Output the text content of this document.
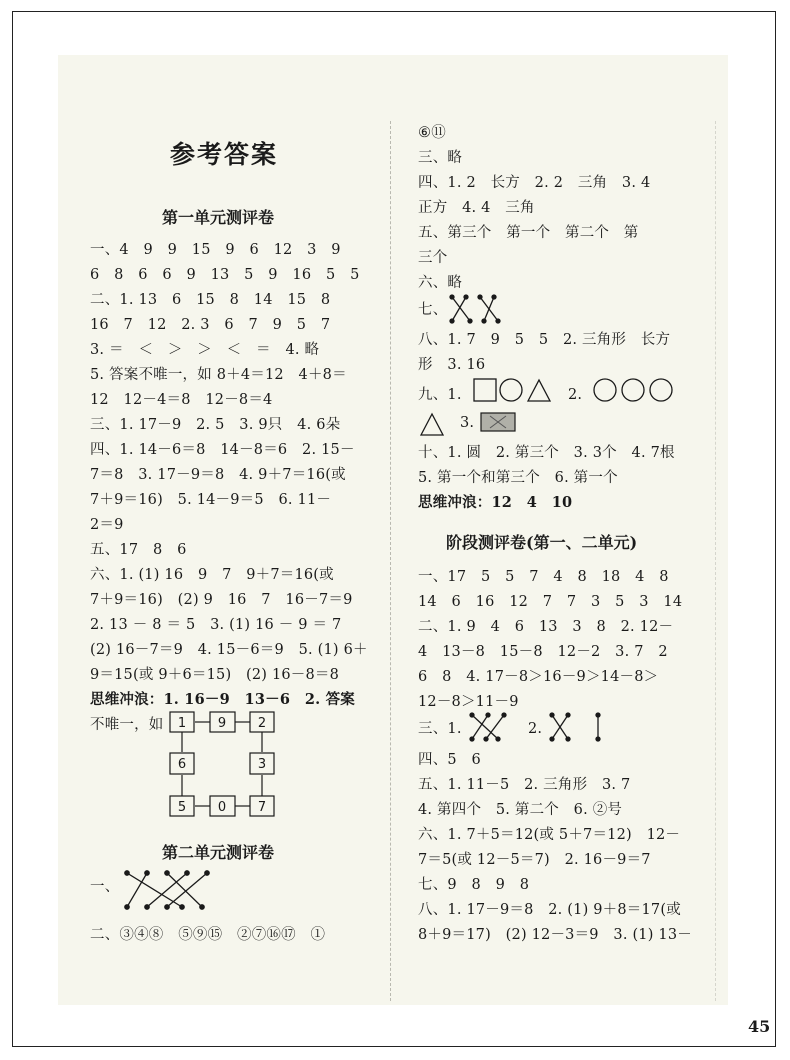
参考答案
第一单元测评卷
一、4　9　9　15　9　6　12　3　9
6　8　6　6　9　13　5　9　16　5　5
二、1. 13　6　15　8　14　15　8
16　7　12　2. 3　6　7　9　5　7
3. ＝　＜　＞　＞　＜　＝　4. 略
5. 答案不唯一，如 8＋4＝12　4＋8＝
12　12－4＝8　12－8＝4
三、1. 17－9　2. 5　3. 9只　4. 6朵
四、1. 14－6＝8　14－8＝6　2. 15－
7＝8　3. 17－9＝8　4. 9＋7＝16(或
7＋9＝16)　5. 14－9＝5　6. 11－
2＝9
五、17　8　6
六、1. (1) 16　9　7　9＋7＝16(或
7＋9＝16)　(2) 9　16　7　16－7＝9
2. 13 － 8 ＝ 5　3. (1) 16 － 9 ＝ 7
(2) 16－7＝9　4. 15－6＝9　5. (1) 6＋
9＝15(或 9＋6＝15)　(2) 16－8＝8
思维冲浪：1. 16－9　13－6　2. 答案
不唯一，如 1 9 2
6	3
5 0 7
第二单元测评卷
一、
二、③④⑧　⑤⑨⑮　②⑦⑯⑰　①
⑥⑪
三、略
四、1. 2　长方　2. 2　三角　3. 4
正方　4. 4　三角
五、第三个　第一个　第二个　第
三个
六、略
七、
八、1. 7　9　5　5　2. 三角形　长方
形　3. 16
九、1.	2.
3.
十、1. 圆　2. 第三个　3. 3个　4. 7根
5. 第一个和第三个　6. 第一个
思维冲浪：12　4　10
阶段测评卷(第一、二单元)
一、17　5　5　7　4　8　18　4　8
14　6　16　12　7　7　3　5　3　14
二、1. 9　4　6　13　3　8　2. 12－
4　13－8　15－8　12－2　3. 7　2
6　8　4. 17－8＞16－9＞14－8＞
12－8＞11－9
三、1.	2.
四、5　6
五、1. 11－5　2. 三角形　3. 7
4. 第四个　5. 第二个　6. ②号
六、1. 7＋5＝12(或 5＋7＝12)　12－
7＝5(或 12－5＝7)　2. 16－9＝7
七、9　8　9　8
八、1. 17－9＝8　2. (1) 9＋8＝17(或
8＋9＝17)　(2) 12－3＝9　3. (1) 13－
45
